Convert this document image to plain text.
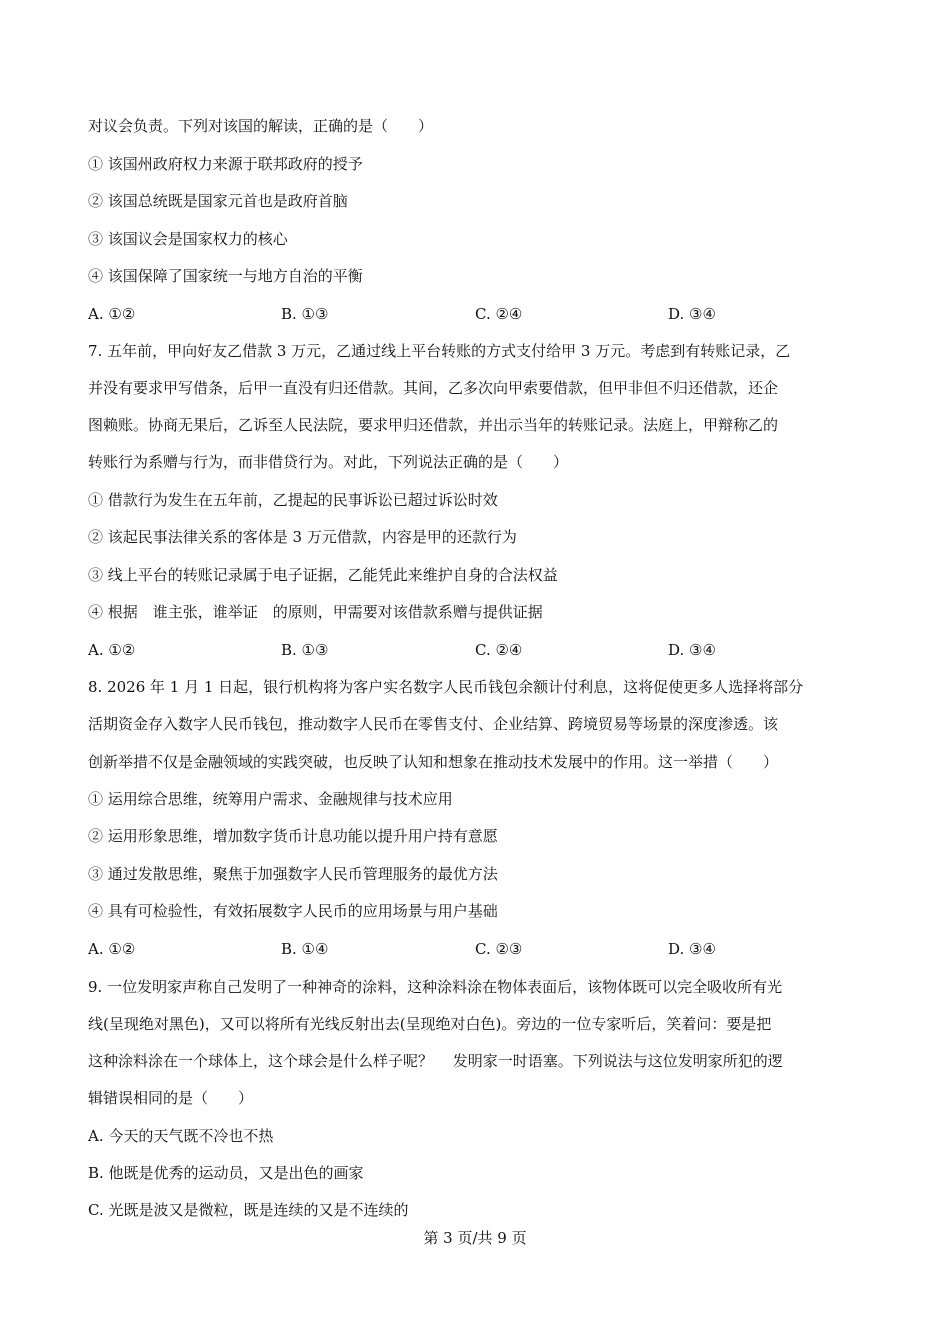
对议会负责。下列对该国的解读，正确的是（　　）
① 该国州政府权力来源于联邦政府的授予
② 该国总统既是国家元首也是政府首脑
③ 该国议会是国家权力的核心
④ 该国保障了国家统一与地方自治的平衡
A. ①②	B. ①③	C. ②④	D. ③④
7. 五年前，甲向好友乙借款 3 万元，乙通过线上平台转账的方式支付给甲 3 万元。考虑到有转账记录，乙
并没有要求甲写借条，后甲一直没有归还借款。其间，乙多次向甲索要借款，但甲非但不归还借款，还企
图赖账。协商无果后，乙诉至人民法院，要求甲归还借款，并出示当年的转账记录。法庭上，甲辩称乙的
转账行为系赠与行为，而非借贷行为。对此，下列说法正确的是（　　）
① 借款行为发生在五年前，乙提起的民事诉讼已超过诉讼时效
② 该起民事法律关系的客体是 3 万元借款，内容是甲的还款行为
③ 线上平台的转账记录属于电子证据，乙能凭此来维护自身的合法权益
④ 根据　谁主张，谁举证　的原则，甲需要对该借款系赠与提供证据
A. ①②	B. ①③	C. ②④	D. ③④
8. 2026 年 1 月 1 日起，银行机构将为客户实名数字人民币钱包余额计付利息，这将促使更多人选择将部分
活期资金存入数字人民币钱包，推动数字人民币在零售支付、企业结算、跨境贸易等场景的深度渗透。该
创新举措不仅是金融领域的实践突破，也反映了认知和想象在推动技术发展中的作用。这一举措（　　）
① 运用综合思维，统筹用户需求、金融规律与技术应用
② 运用形象思维，增加数字货币计息功能以提升用户持有意愿
③ 通过发散思维，聚焦于加强数字人民币管理服务的最优方法
④ 具有可检验性，有效拓展数字人民币的应用场景与用户基础
A. ①②	B. ①④	C. ②③	D. ③④
9. 一位发明家声称自己发明了一种神奇的涂料，这种涂料涂在物体表面后，该物体既可以完全吸收所有光
线(呈现绝对黑色)，又可以将所有光线反射出去(呈现绝对白色)。旁边的一位专家听后，笑着问：要是把
这种涂料涂在一个球体上，这个球会是什么样子呢？　 发明家一时语塞。下列说法与这位发明家所犯的逻
辑错误相同的是（　　）
A. 今天的天气既不冷也不热
B. 他既是优秀的运动员，又是出色的画家
C. 光既是波又是微粒，既是连续的又是不连续的
第 3 页/共 9 页
